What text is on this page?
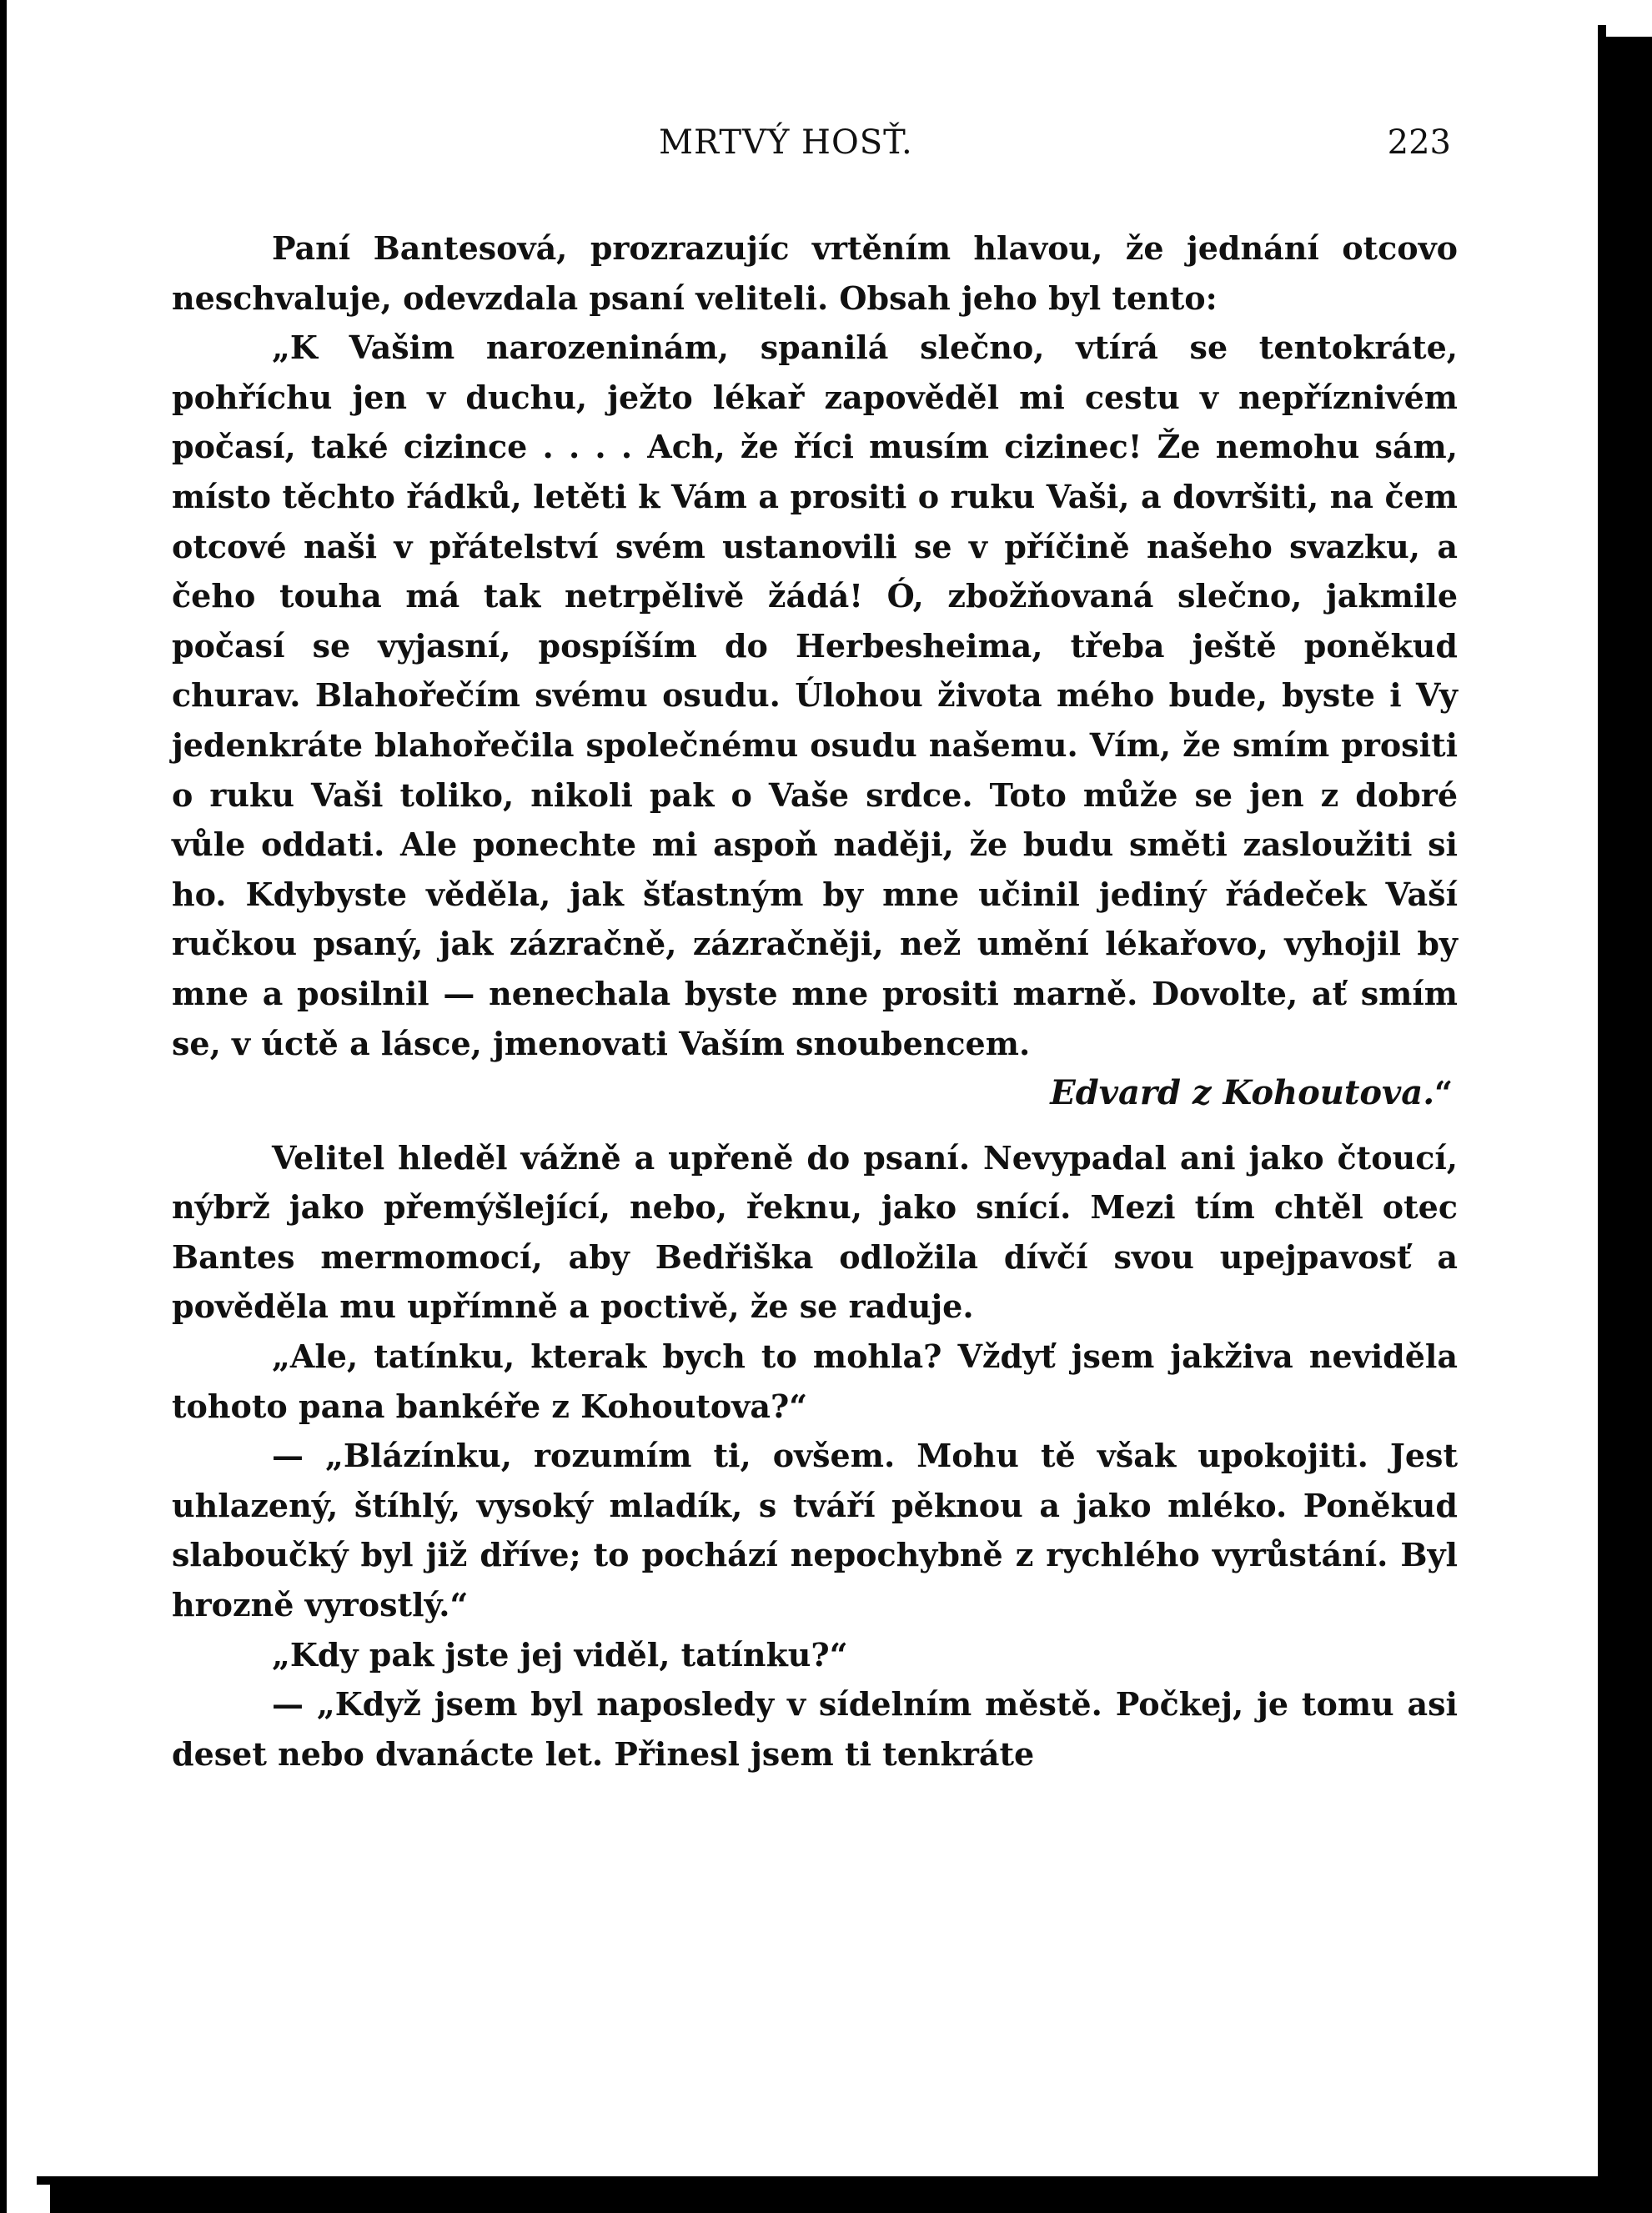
MRTVÝ HOSŤ.	223

Paní Bantesová, prozrazujíc vrtěním hlavou, že jednání otcovo neschvaluje, odevzdala psaní veliteli. Obsah jeho byl tento:

„K Vašim narozeninám, spanilá slečno, vtírá se tentokráte, pohříchu jen v duchu, ježto lékař zapověděl mi cestu v nepříznivém počasí, také cizince . . . . Ach, že říci musím cizinec! Že nemohu sám, místo těchto řádků, letěti k Vám a prositi o ruku Vaši, a dovršiti, na čem otcové naši v přátelství svém ustanovili se v příčině našeho svazku, a čeho touha má tak netrpělivě žádá! Ó, zbožňovaná slečno, jakmile počasí se vyjasní, pospíším do Herbesheima, třeba ještě poněkud churav. Blahořečím svému osudu. Úlohou života mého bude, byste i Vy jedenkráte blahořečila společnému osudu našemu. Vím, že smím prositi o ruku Vaši toliko, nikoli pak o Vaše srdce. Toto může se jen z dobré vůle oddati. Ale ponechte mi aspoň naději, že budu směti zasloužiti si ho. Kdybyste věděla, jak šťastným by mne učinil jediný řádeček Vaší ručkou psaný, jak zázračně, zázračněji, než umění lékařovo, vyhojil by mne a posilnil — nenechala byste mne prositi marně. Dovolte, ať smím se, v úctě a lásce, jmenovati Vaším snoubencem.

Edvard z Kohoutova.“

Velitel hleděl vážně a upřeně do psaní. Nevypadal ani jako čtoucí, nýbrž jako přemýšlející, nebo, řeknu, jako snící. Mezi tím chtěl otec Bantes mermomocí, aby Bedřiška odložila dívčí svou upejpavosť a pověděla mu upřímně a poctivě, že se raduje.

„Ale, tatínku, kterak bych to mohla? Vždyť jsem jakživa neviděla tohoto pana bankéře z Kohoutova?“

— „Blázínku, rozumím ti, ovšem. Mohu tě však upokojiti. Jest uhlazený, štíhlý, vysoký mladík, s tváří pěknou a jako mléko. Poněkud slaboučký byl již dříve; to pochází nepochybně z rychlého vyrůstání. Byl hrozně vyrostlý.“

„Kdy pak jste jej viděl, tatínku?“

— „Když jsem byl naposledy v sídelním městě. Počkej, je tomu asi deset nebo dvanácte let. Přinesl jsem ti tenkráte
